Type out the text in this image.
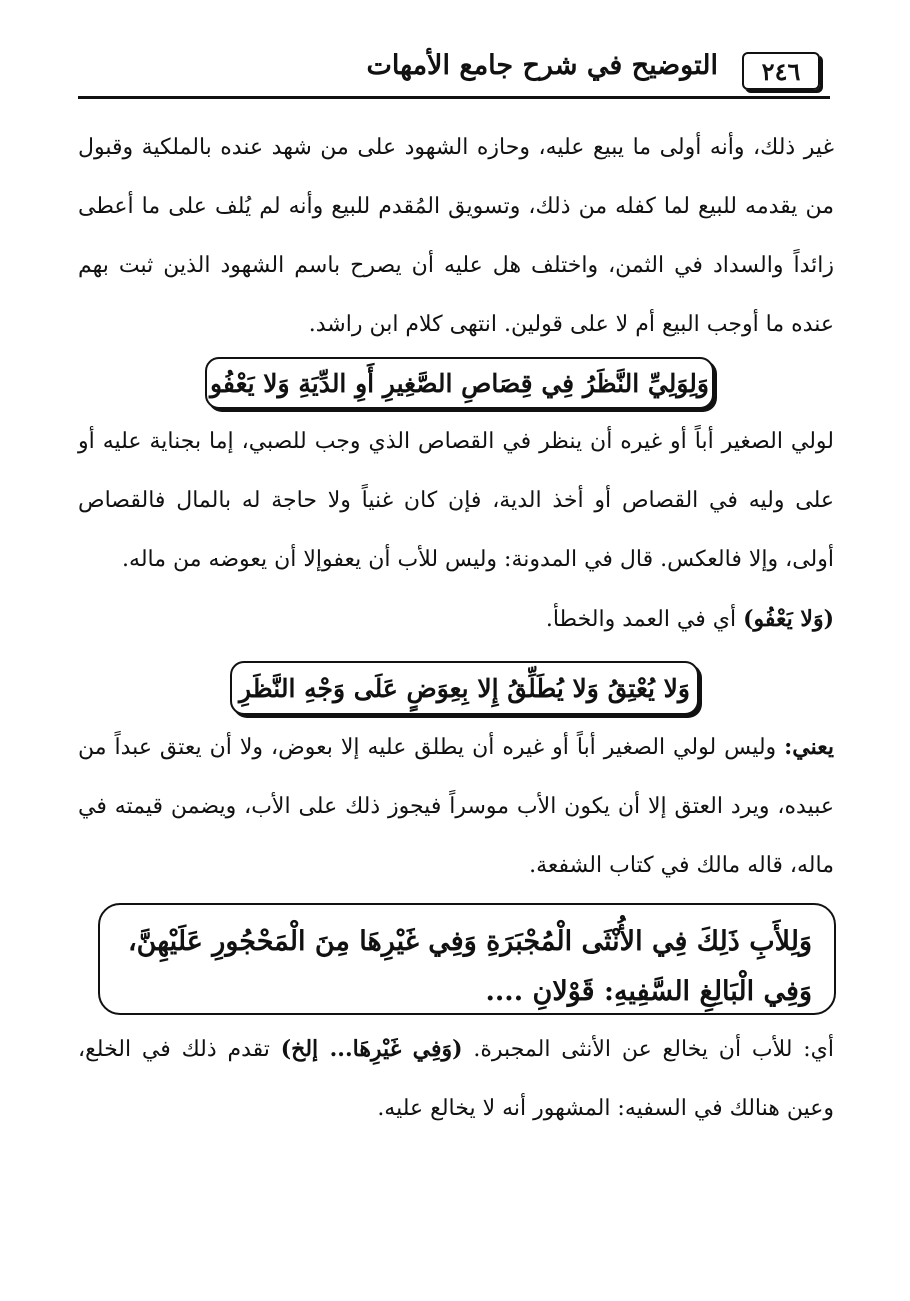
٢٤٦
التوضيح في شرح جامع الأمهات

غير ذلك، وأنه أولى ما يبيع عليه، وحازه الشهود على من شهد عنده بالملكية وقبول من يقدمه للبيع لما كفله من ذلك، وتسويق المُقدم للبيع وأنه لم يُلف على ما أعطى زائداً والسداد في الثمن، واختلف هل عليه أن يصرح باسم الشهود الذين ثبت بهم عنده ما أوجب البيع أم لا على قولين. انتهى كلام ابن راشد.

وَلِوَلِيِّ النَّظَرُ فِي قِصَاصِ الصَّغِيرِ أَوِ الدِّيَةِ وَلا يَعْفُو

لولي الصغير أباً أو غيره أن ينظر في القصاص الذي وجب للصبي، إما بجناية عليه أو على وليه في القصاص أو أخذ الدية، فإن كان غنياً ولا حاجة له بالمال فالقصاص أولى، وإلا فالعكس. قال في المدونة: وليس للأب أن يعفوإلا أن يعوضه من ماله.

(وَلا يَعْفُو) أي في العمد والخطأ.

وَلا يُعْتِقُ وَلا يُطَلِّقُ إِلا بِعِوَضٍ عَلَى وَجْهِ النَّظَرِ

يعني: وليس لولي الصغير أباً أو غيره أن يطلق عليه إلا بعوض، ولا أن يعتق عبداً من عبيده، ويرد العتق إلا أن يكون الأب موسراً فيجوز ذلك على الأب، ويضمن قيمته في ماله، قاله مالك في كتاب الشفعة.

وَلِلأَبِ ذَلِكَ فِي الأُنْثَى الْمُجْبَرَةِ وَفِي غَيْرِهَا مِنَ الْمَحْجُورِ عَلَيْهِنَّ،
وَفِي الْبَالِغِ السَّفِيهِ: قَوْلانِ ....

أي: للأب أن يخالع عن الأنثى المجبرة. (وَفِي غَيْرِهَا... إلخ) تقدم ذلك في الخلع، وعين هنالك في السفيه: المشهور أنه لا يخالع عليه.
